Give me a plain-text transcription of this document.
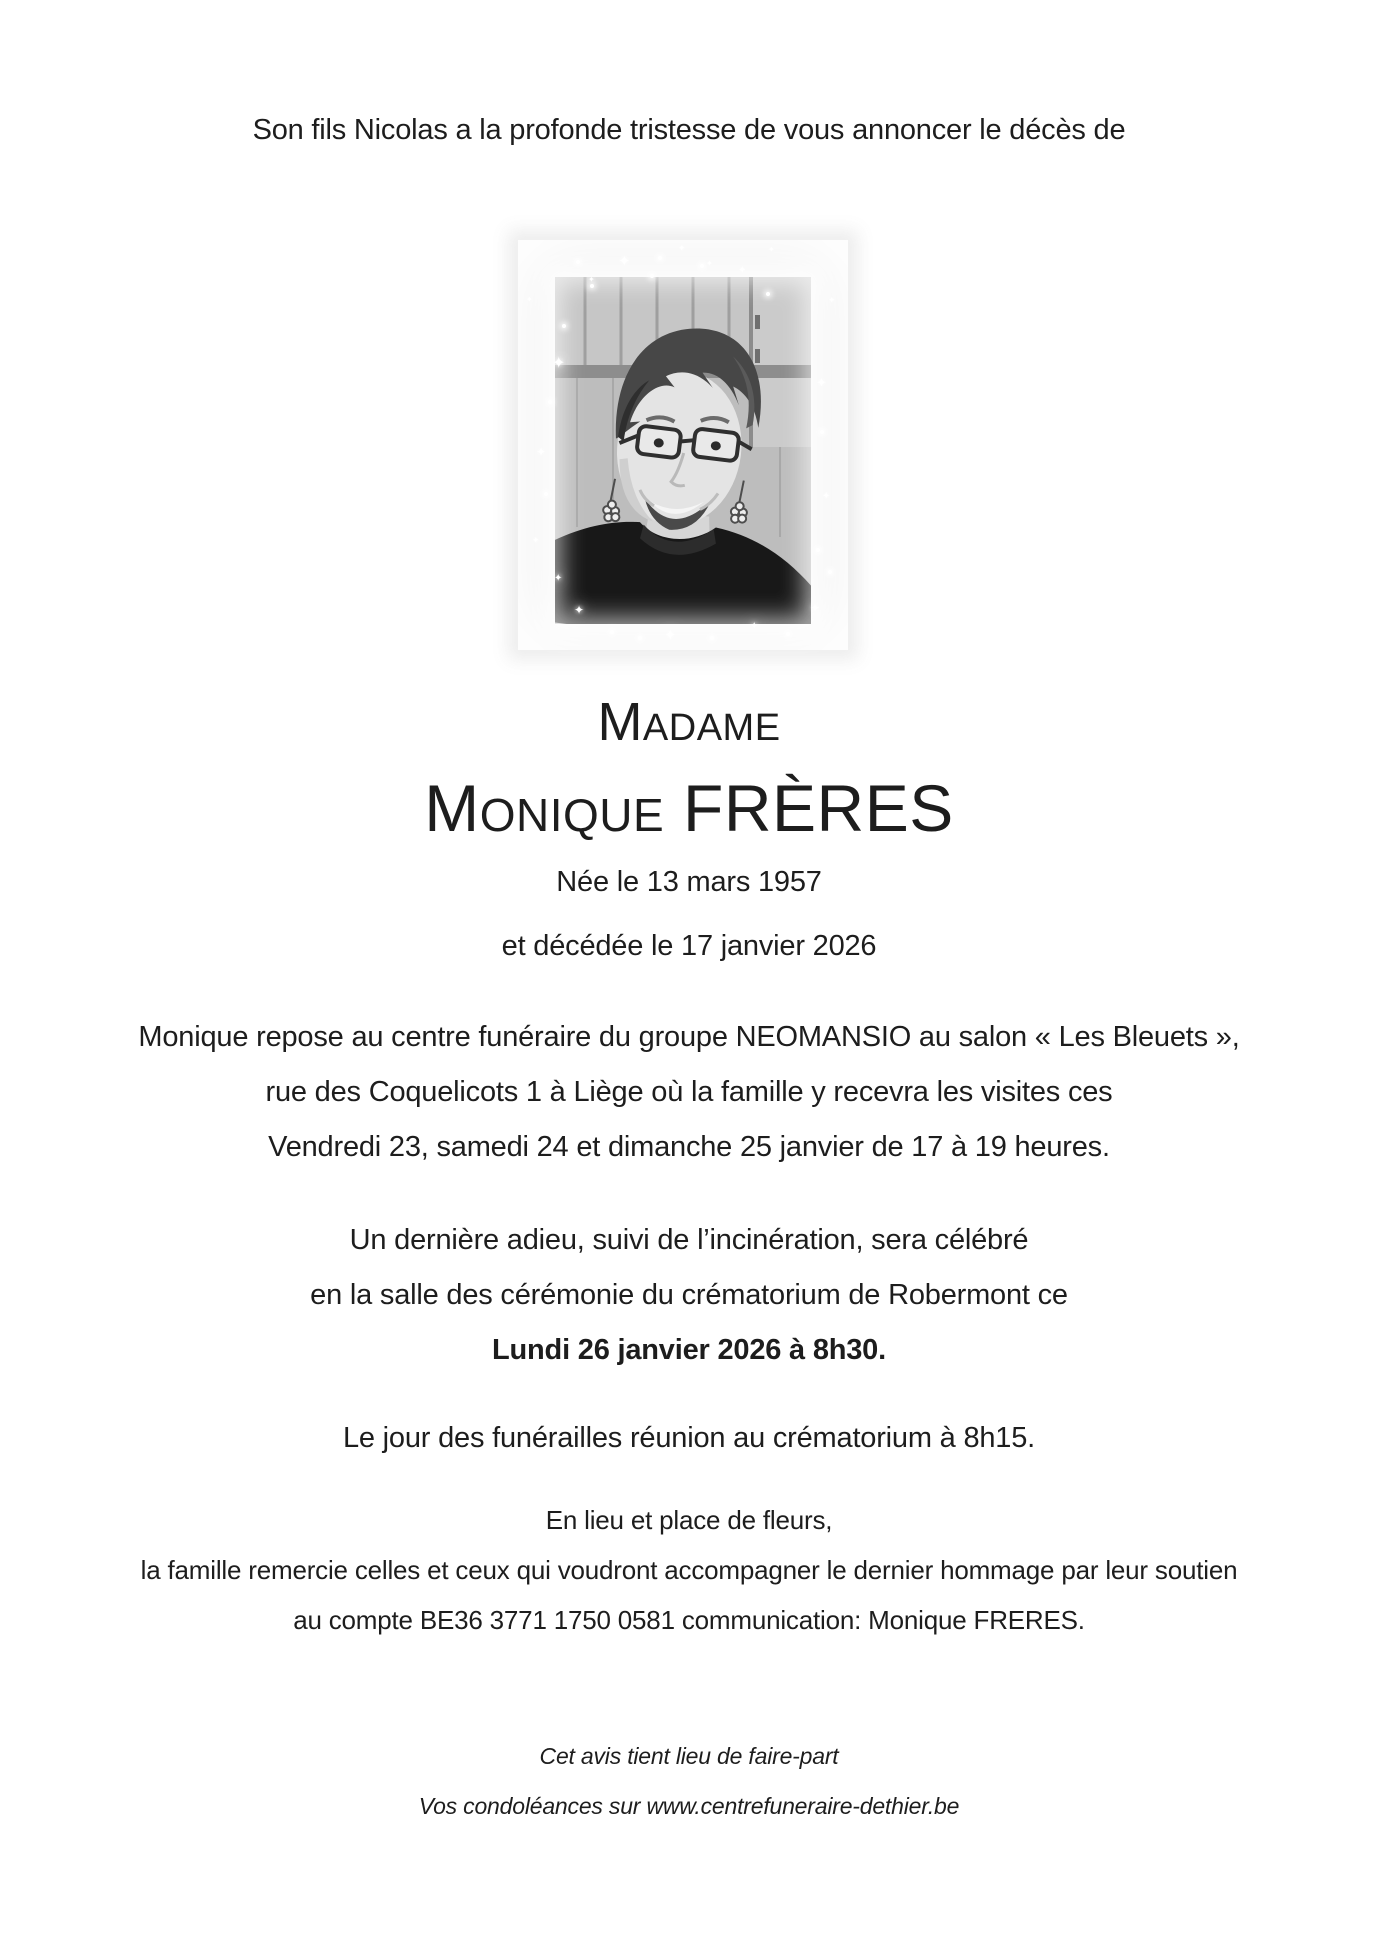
Son fils Nicolas a la profonde tristesse de vous annoncer le décès de
✦
✦
✦	✦
✦	✦
✦
✦
✦
✦
✦
✦
✦
✦
✦
✦
✦
✦
Madame
Monique FRÈRES
Née le 13 mars 1957
et décédée le 17 janvier 2026
Monique repose au centre funéraire du groupe NEOMANSIO au salon « Les Bleuets »,
rue des Coquelicots 1 à Liège où la famille y recevra les visites ces
Vendredi 23, samedi 24 et dimanche 25 janvier de 17 à 19 heures.
Un dernière adieu, suivi de l’incinération, sera célébré
en la salle des cérémonie du crématorium de Robermont ce
Lundi 26 janvier 2026 à 8h30.
Le jour des funérailles réunion au crématorium à 8h15.
En lieu et place de fleurs,
la famille remercie celles et ceux qui voudront accompagner le dernier hommage par leur soutien
au compte BE36 3771 1750 0581 communication: Monique FRERES.
Cet avis tient lieu de faire-part
Vos condoléances sur www.centrefuneraire-dethier.be
